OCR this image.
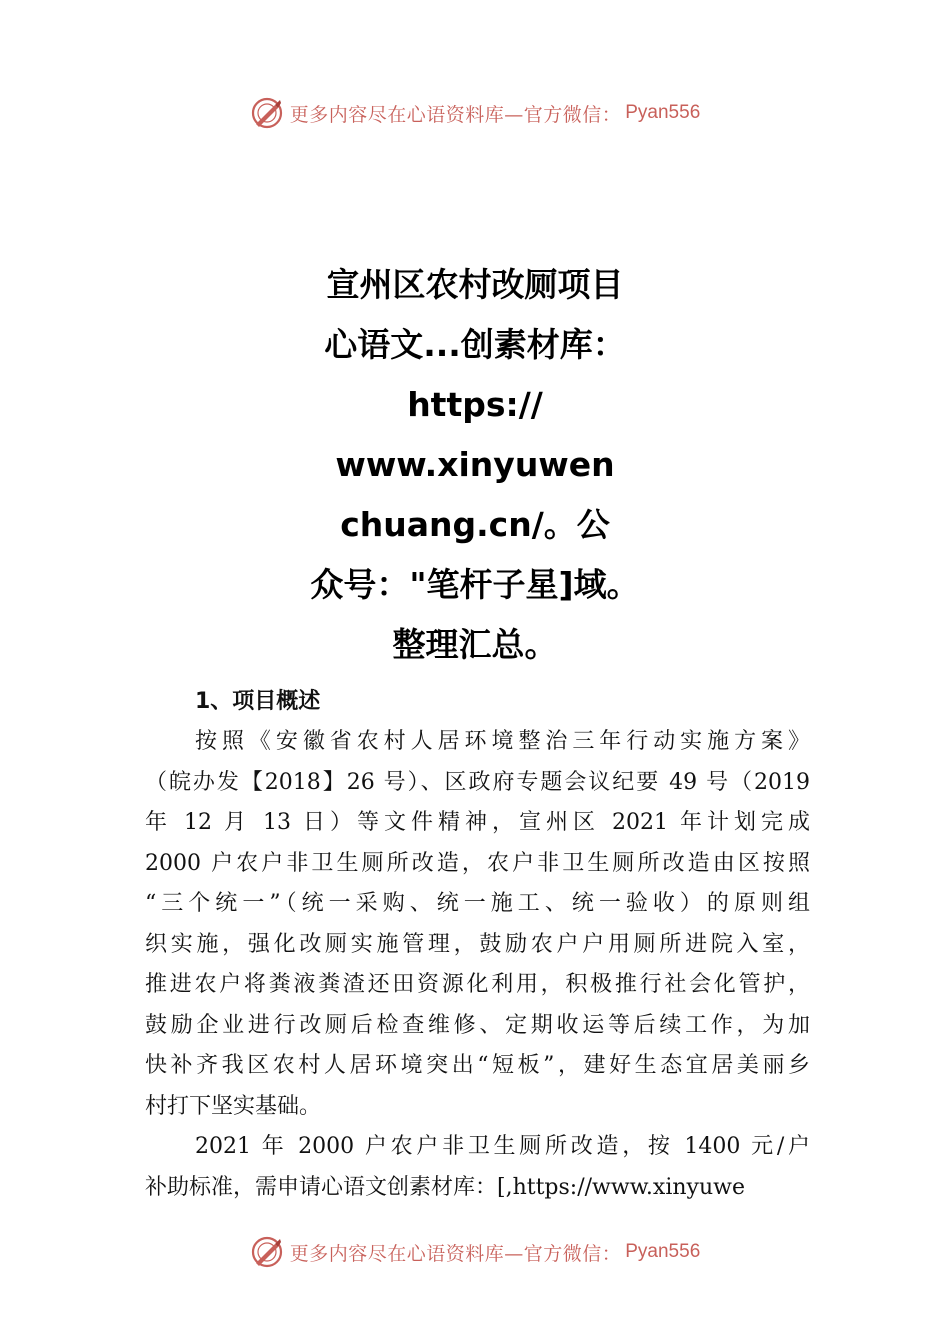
更多内容尽在心语资料库—官方微信： Pyan556
宣州区农村改厕项目
心语文...创素材库：
https://
www.xinyuwen
chuang.cn/。公
众号："笔杆子星]域。
整理汇总。
1、项目概述
按照《安徽省农村人居环境整治三年行动实施方案》
（皖办发【2018】26 号）、区政府专题会议纪要 49 号（2019
年 12 月 13 日）等文件精神，宣州区 2021 年计划完成
2000 户农户非卫生厕所改造，农户非卫生厕所改造由区按照
“三个统一”（统一采购、统一施工、统一验收）的原则组
织实施，强化改厕实施管理，鼓励农户户用厕所进院入室，
推进农户将粪液粪渣还田资源化利用，积极推行社会化管护，
鼓励企业进行改厕后检查维修、定期收运等后续工作，为加
快补齐我区农村人居环境突出“短板”，建好生态宜居美丽乡
村打下坚实基础。
2021 年 2000 户农户非卫生厕所改造，按 1400 元/户
补助标准，需申请心语文创素材库：[,https://www.xinyuwe
更多内容尽在心语资料库—官方微信： Pyan556
